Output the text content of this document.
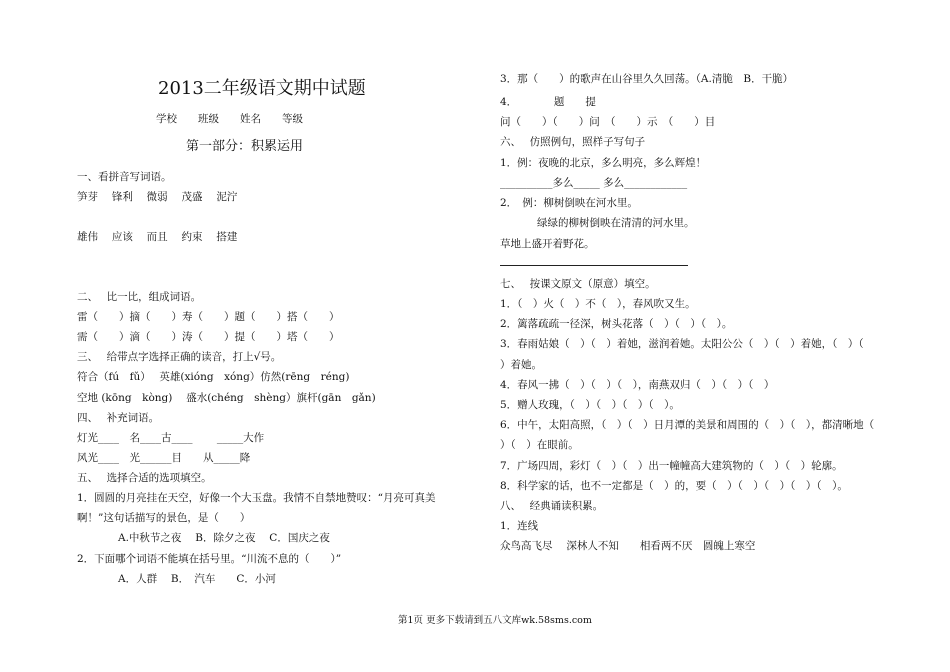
2013二年级语文期中试题
学校　　班级　　姓名　　等级
第一部分：积累运用
一、看拼音写词语。
笋芽　 锋利　 微弱　 茂盛　 泥泞
雄伟　 应该　 而且　 约束　 搭建
二、　 比一比，组成词语。
雷（　　）摘（　　）寿（　　）题（　　）搭（　　）
需（　　）滴（　　）涛（　　）提（　　）塔（　　）
三、　 给带点字选择正确的读音，打上√号。
符合（fú　fǔ）　 英雄(xióng　xóng）仿然(rēng　réng)
空地 (kōng　kòng)　 盛水(chéng　shèng）旗杆(gān　gǎn)
四、　 补充词语。
灯光____　名____古____　　 _____大作
风光____　光______目　　从_____降
五、　 选择合适的选项填空。
1．圆圆的月亮挂在天空，好像一个大玉盘。我情不自禁地赞叹：“月亮可真美
啊！”这句话描写的景色，是（　　）
A.中秋节之夜　 B．除夕之夜　 C．国庆之夜
2．下面哪个词语不能填在括号里。“川流不息的（　　）”
A．人群　 B．　汽车　　C．小河
3．那（　　）的歌声在山谷里久久回荡。（A.清脆　B．干脆）
4．　　　　题　　提
问（　　）（　　）问　（　　）示　（　　）目
六、　 仿照例句，照样子写句子
1．例：夜晚的北京，多么明亮，多么辉煌！
__________多么_____ 多么____________
2．　例：柳树倒映在河水里。
绿绿的柳树倒映在清清的河水里。
草地上盛开着野花。
七、　 按课文原文（原意）填空。
1．（　）火（　）不（　），春风吹又生。
2．篱落疏疏一径深，树头花落（　）（　）（　）。
3．春雨姑娘（　）（　）着她，滋润着她。太阳公公（　）（　）着她，（　）（
）着她。
4．春风一拂（　）（　）（　），南燕双归（　）（　）（　）
5．赠人玫瑰，（　）（　）（　）（　）。
6．中午，太阳高照，（　）（　）日月潭的美景和周围的（　）（　），都清晰地（
）（　）在眼前。
7．广场四周，彩灯（　）（　）出一幢幢高大建筑物的（　）（　）轮廓。
8．科学家的话，也不一定都是（　）的，要（　）（　）（　）（　）（　）。
八、　 经典诵读积累。
1．连线
众鸟高飞尽　 深林人不知　　相看两不厌　圆魄上寒空
第1页 更多下载请到五八文库wk.58sms.com
